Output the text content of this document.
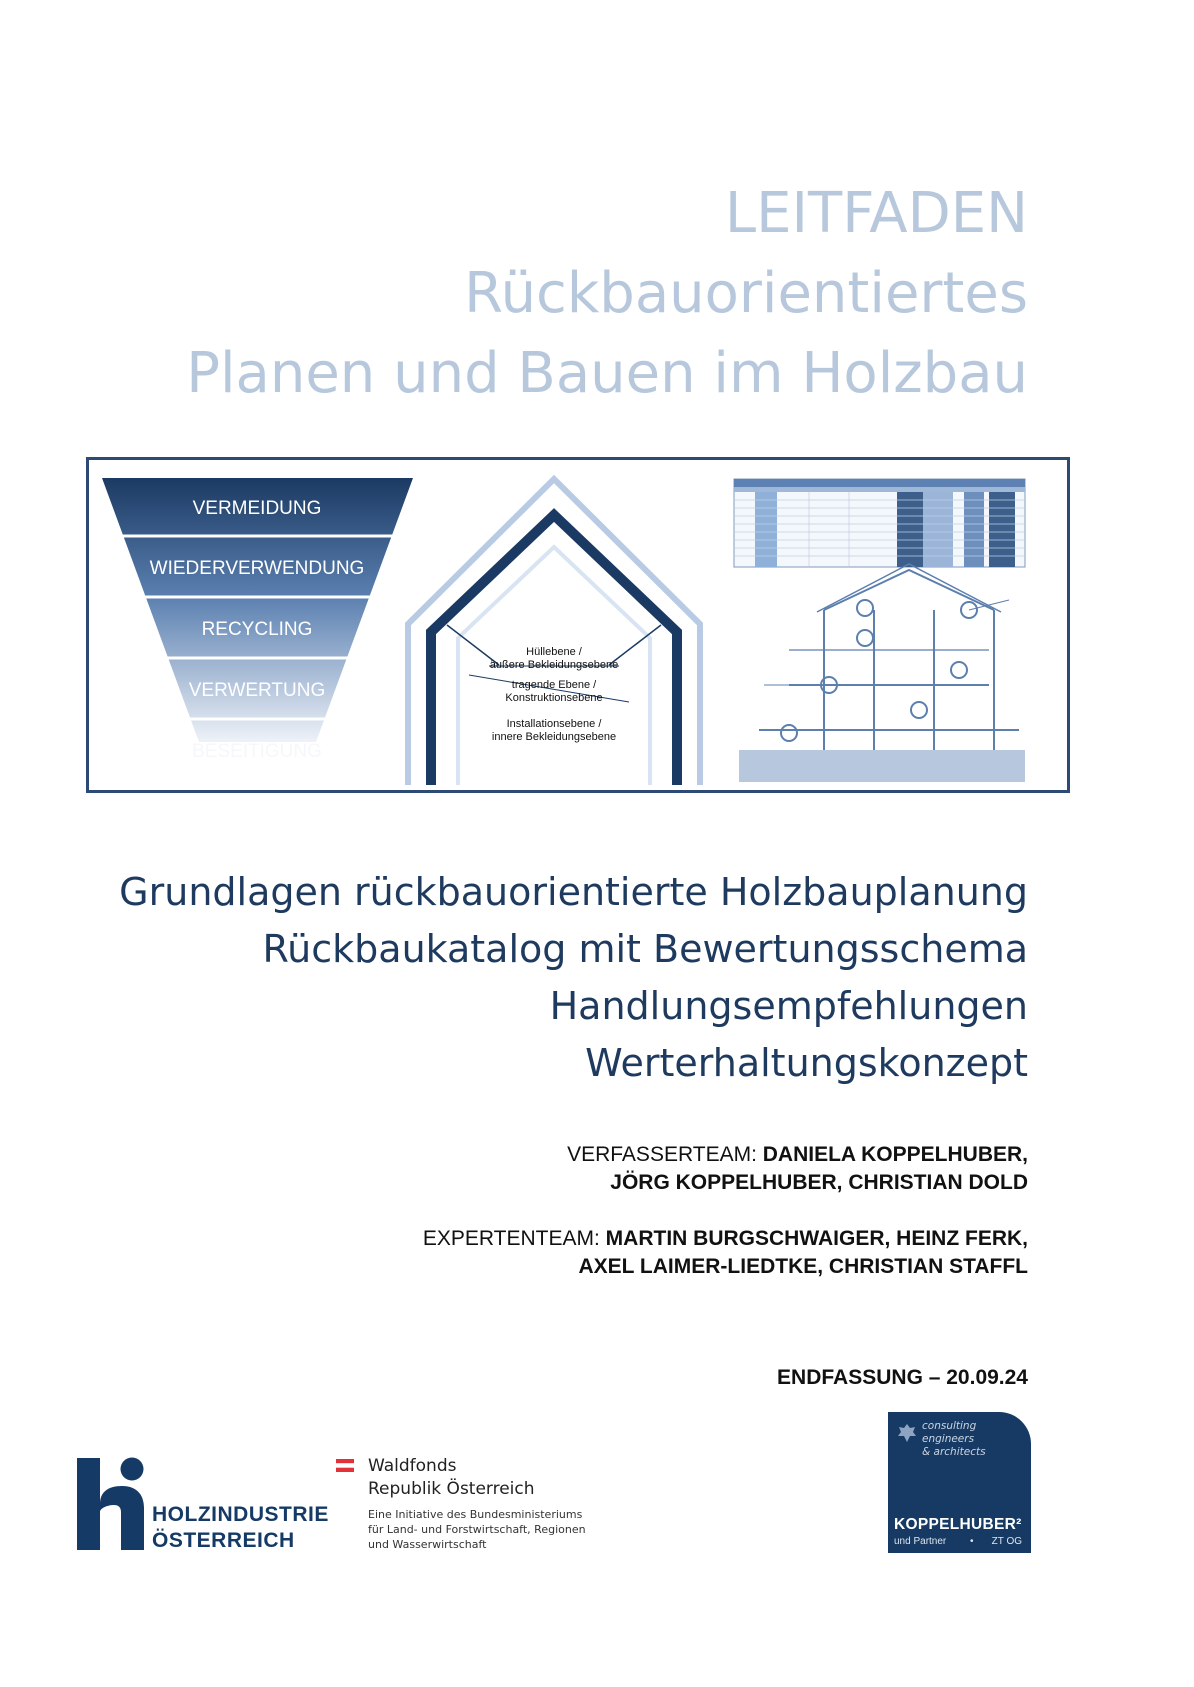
LEITFADEN
Rückbauorientiertes
Planen und Bauen im Holzbau
VERMEIDUNG
WIEDERVERWENDUNG
RECYCLING
VERWERTUNG
BESEITIGUNG
Hüllebene /
äußere Bekleidungsebene
tragende Ebene /
Konstruktionsebene
Installationsebene /
innere Bekleidungsebene
Grundlagen rückbauorientierte Holzbauplanung
Rückbaukatalog mit Bewertungsschema
Handlungsempfehlungen
Werterhaltungskonzept
VERFASSERTEAM: DANIELA KOPPELHUBER,
JÖRG KOPPELHUBER, CHRISTIAN DOLD
EXPERTENTEAM: MARTIN BURGSCHWAIGER, HEINZ FERK,
AXEL LAIMER-LIEDTKE, CHRISTIAN STAFFL
ENDFASSUNG – 20.09.24
HOLZINDUSTRIE
ÖSTERREICH
Waldfonds
Republik Österreich
Eine Initiative des Bundesministeriums
für Land- und Forstwirtschaft, Regionen
und Wasserwirtschaft
consulting engineers
& architects
KOPPELHUBER²
und Partner • ZT OG
